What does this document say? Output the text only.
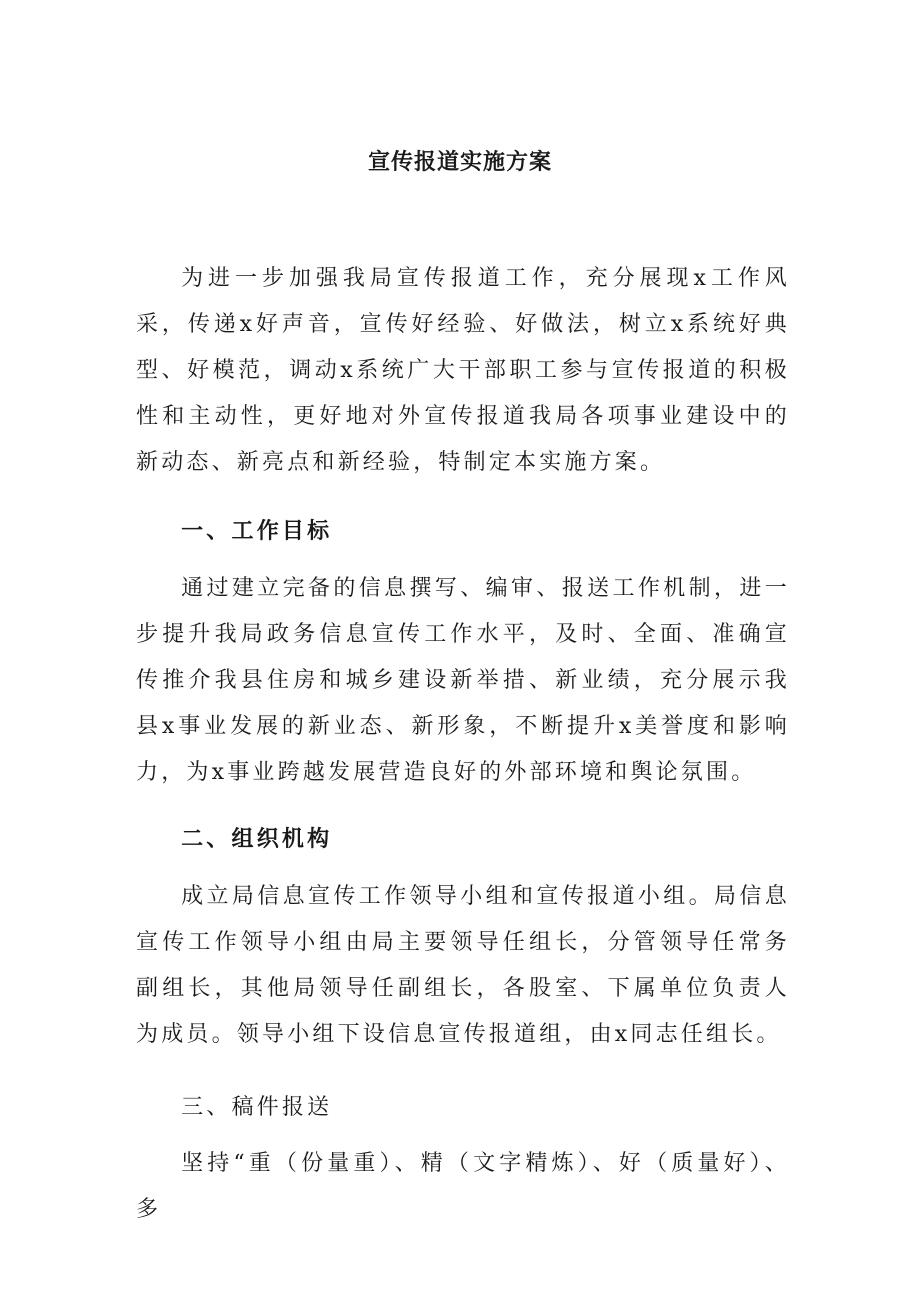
宣传报道实施方案

为进一步加强我局宣传报道工作，充分展现x工作风采，传递x好声音，宣传好经验、好做法，树立x系统好典型、好模范，调动x系统广大干部职工参与宣传报道的积极性和主动性，更好地对外宣传报道我局各项事业建设中的新动态、新亮点和新经验，特制定本实施方案。

一、工作目标

通过建立完备的信息撰写、编审、报送工作机制，进一步提升我局政务信息宣传工作水平，及时、全面、准确宣传推介我县住房和城乡建设新举措、新业绩，充分展示我县x事业发展的新业态、新形象，不断提升x美誉度和影响力，为x事业跨越发展营造良好的外部环境和舆论氛围。

二、组织机构

成立局信息宣传工作领导小组和宣传报道小组。局信息宣传工作领导小组由局主要领导任组长，分管领导任常务副组长，其他局领导任副组长，各股室、下属单位负责人为成员。领导小组下设信息宣传报道组，由x同志任组长。

三、稿件报送

坚持“重（份量重）、精（文字精炼）、好（质量好）、多
